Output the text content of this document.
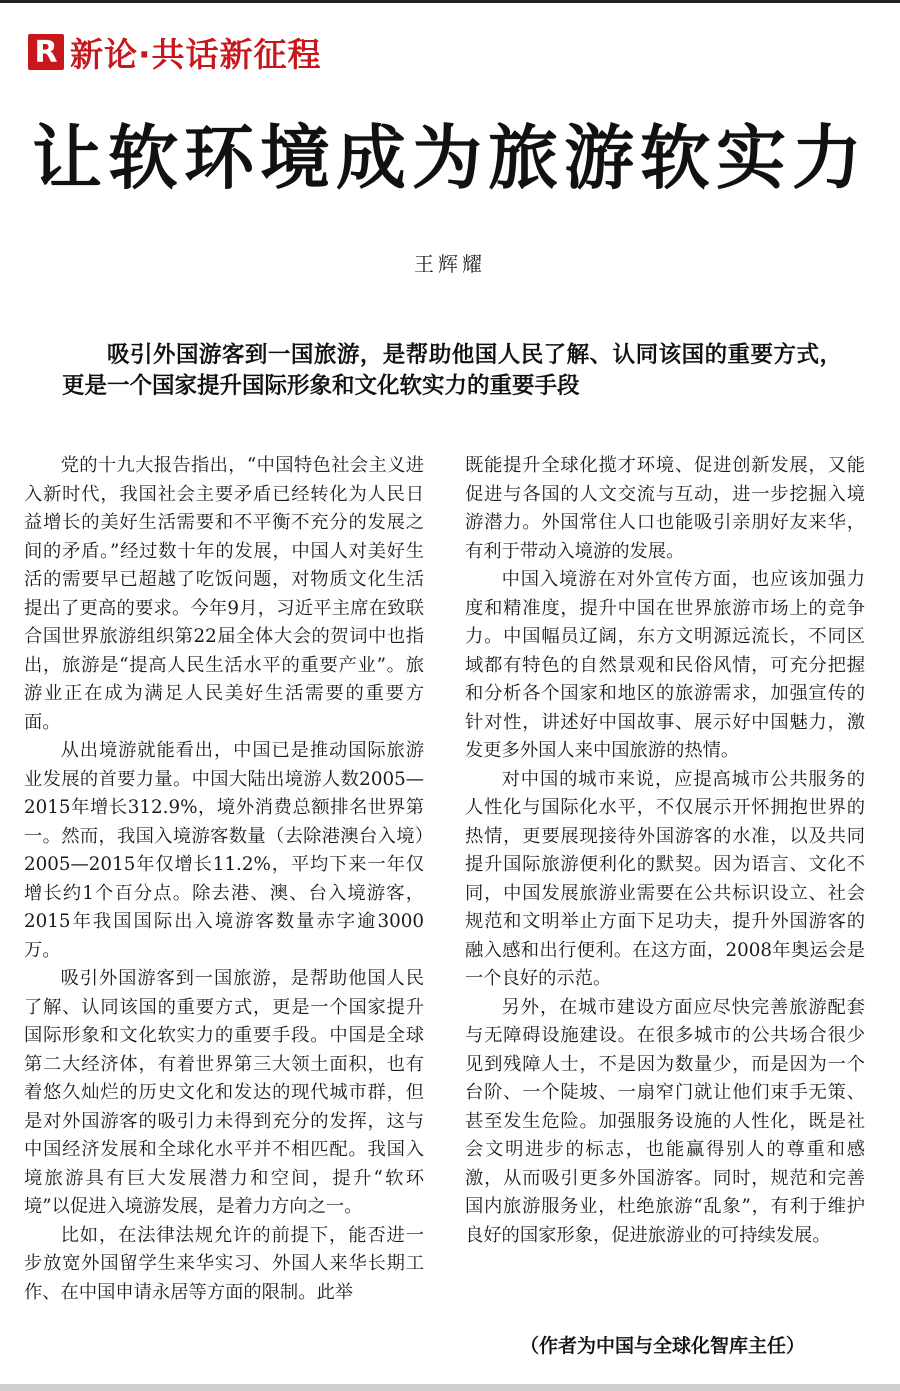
R 新论·共话新征程
让软环境成为旅游软实力
王辉耀
吸引外国游客到一国旅游，是帮助他国人民了解、认同该国的重要方式，更是一个国家提升国际形象和文化软实力的重要手段

党的十九大报告指出，“中国特色社会主义进入新时代，我国社会主要矛盾已经转化为人民日益增长的美好生活需要和不平衡不充分的发展之间的矛盾。”经过数十年的发展，中国人对美好生活的需要早已超越了吃饭问题，对物质文化生活提出了更高的要求。今年9月，习近平主席在致联合国世界旅游组织第22届全体大会的贺词中也指出，旅游是“提高人民生活水平的重要产业”。旅游业正在成为满足人民美好生活需要的重要方面。

从出境游就能看出，中国已是推动国际旅游业发展的首要力量。中国大陆出境游人数2005—2015年增长312.9%，境外消费总额排名世界第一。然而，我国入境游客数量（去除港澳台入境）2005—2015年仅增长11.2%，平均下来一年仅增长约1个百分点。除去港、澳、台入境游客，2015年我国国际出入境游客数量赤字逾3000万。

吸引外国游客到一国旅游，是帮助他国人民了解、认同该国的重要方式，更是一个国家提升国际形象和文化软实力的重要手段。中国是全球第二大经济体，有着世界第三大领土面积，也有着悠久灿烂的历史文化和发达的现代城市群，但是对外国游客的吸引力未得到充分的发挥，这与中国经济发展和全球化水平并不相匹配。我国入境旅游具有巨大发展潜力和空间，提升“软环境”以促进入境游发展，是着力方向之一。

比如，在法律法规允许的前提下，能否进一步放宽外国留学生来华实习、外国人来华长期工作、在中国申请永居等方面的限制。此举

既能提升全球化揽才环境、促进创新发展，又能促进与各国的人文交流与互动，进一步挖掘入境游潜力。外国常住人口也能吸引亲朋好友来华，有利于带动入境游的发展。

中国入境游在对外宣传方面，也应该加强力度和精准度，提升中国在世界旅游市场上的竞争力。中国幅员辽阔，东方文明源远流长，不同区域都有特色的自然景观和民俗风情，可充分把握和分析各个国家和地区的旅游需求，加强宣传的针对性，讲述好中国故事、展示好中国魅力，激发更多外国人来中国旅游的热情。

对中国的城市来说，应提高城市公共服务的人性化与国际化水平，不仅展示开怀拥抱世界的热情，更要展现接待外国游客的水准，以及共同提升国际旅游便利化的默契。因为语言、文化不同，中国发展旅游业需要在公共标识设立、社会规范和文明举止方面下足功夫，提升外国游客的融入感和出行便利。在这方面，2008年奥运会是一个良好的示范。

另外，在城市建设方面应尽快完善旅游配套与无障碍设施建设。在很多城市的公共场合很少见到残障人士，不是因为数量少，而是因为一个台阶、一个陡坡、一扇窄门就让他们束手无策、甚至发生危险。加强服务设施的人性化，既是社会文明进步的标志，也能赢得别人的尊重和感激，从而吸引更多外国游客。同时，规范和完善国内旅游服务业，杜绝旅游“乱象”，有利于维护良好的国家形象，促进旅游业的可持续发展。

（作者为中国与全球化智库主任）
